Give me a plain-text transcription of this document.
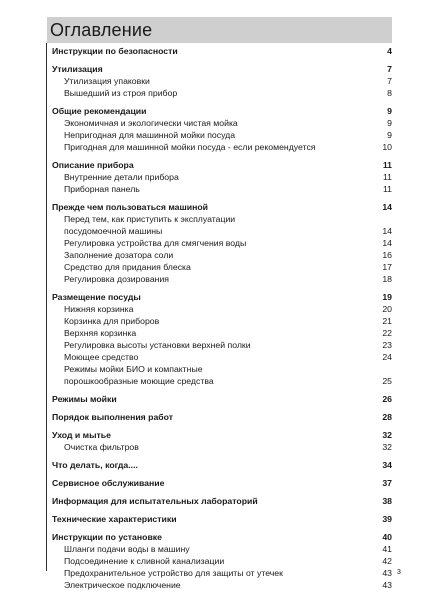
Оглавление
Инструкции по безопасности	4
Утилизация	7
Утилизация упаковки	7
Вышедший из строя прибор	8
Общие рекомендации	9
Экономичная и экологически чистая мойка	9
Непригодная для машинной мойки посуда	9
Пригодная для машинной мойки посуда - если рекомендуется	10
Описание прибора	11
Внутренние детали прибора	11
Приборная панель	11
Прежде чем пользоваться машиной	14
Перед тем, как приступить к эксплуатации
посудомоечной машины	14
Регулировка устройства для смягчения воды	14
Заполнение дозатора соли	16
Средство для придания блеска	17
Регулировка дозирования	18
Размещение посуды	19
Нижняя корзинка	20
Корзинка для приборов	21
Верхняя корзинка	22
Регулировка высоты установки верхней полки	23
Моющее средство	24
Режимы мойки БИО и компактные
порошкообразные моющие средства	25
Режимы мойки	26
Порядок выполнения работ	28
Уход и мытье	32
Очистка фильтров	32
Что делать, когда....	34
Сервисное обслуживание	37
Информация для испытательных лабораторий	38
Технические характеристики	39
Инструкции по установке	40
Шланги подачи воды в машину	41
Подсоединение к сливной канализации	42
Предохранительное устройство для защиты от утечек	43
Электрическое подключение	43
3
